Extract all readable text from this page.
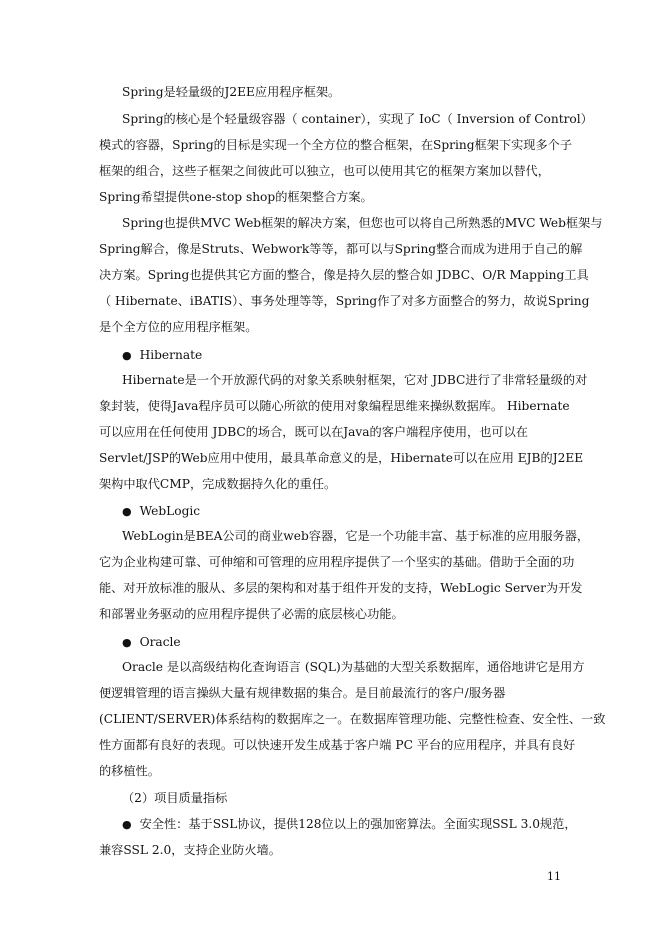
Spring是轻量级的J2EE应用程序框架。
Spring的核心是个轻量级容器（ container），实现了 IoC（ Inversion of Control）
模式的容器，Spring的目标是实现一个全方位的整合框架，在Spring框架下实现多个子
框架的组合，这些子框架之间彼此可以独立，也可以使用其它的框架方案加以替代，
Spring希望提供one-stop shop的框架整合方案。
Spring也提供MVC Web框架的解决方案，但您也可以将自己所熟悉的MVC Web框架与
Spring解合，像是Struts、Webwork等等，都可以与Spring整合而成为进用于自己的解
决方案。Spring也提供其它方面的整合，像是持久层的整合如 JDBC、O/R Mapping工具
（ Hibernate、iBATIS）、事务处理等等，Spring作了对多方面整合的努力，故说Spring
是个全方位的应用程序框架。
● Hibernate
Hibernate是一个开放源代码的对象关系映射框架，它对 JDBC进行了非常轻量级的对
象封装，使得Java程序员可以随心所欲的使用对象编程思维来操纵数据库。 Hibernate
可以应用在任何使用 JDBC的场合，既可以在Java的客户端程序使用，也可以在
Servlet/JSP的Web应用中使用，最具革命意义的是，Hibernate可以在应用 EJB的J2EE
架构中取代CMP，完成数据持久化的重任。
● WebLogic
WebLogin是BEA公司的商业web容器，它是一个功能丰富、基于标准的应用服务器，
它为企业构建可靠、可伸缩和可管理的应用程序提供了一个坚实的基础。借助于全面的功
能、对开放标准的服从、多层的架构和对基于组件开发的支持，WebLogic Server为开发
和部署业务驱动的应用程序提供了必需的底层核心功能。
● Oracle
Oracle 是以高级结构化查询语言 (SQL)为基础的大型关系数据库，通俗地讲它是用方
便逻辑管理的语言操纵大量有规律数据的集合。是目前最流行的客户/服务器
(CLIENT/SERVER)体系结构的数据库之一。在数据库管理功能、完整性检查、安全性、一致
性方面都有良好的表现。可以快速开发生成基于客户端 PC 平台的应用程序，并具有良好
的移植性。
（2）项目质量指标
● 安全性：基于SSL协议，提供128位以上的强加密算法。全面实现SSL 3.0规范，
兼容SSL 2.0，支持企业防火墙。
11
